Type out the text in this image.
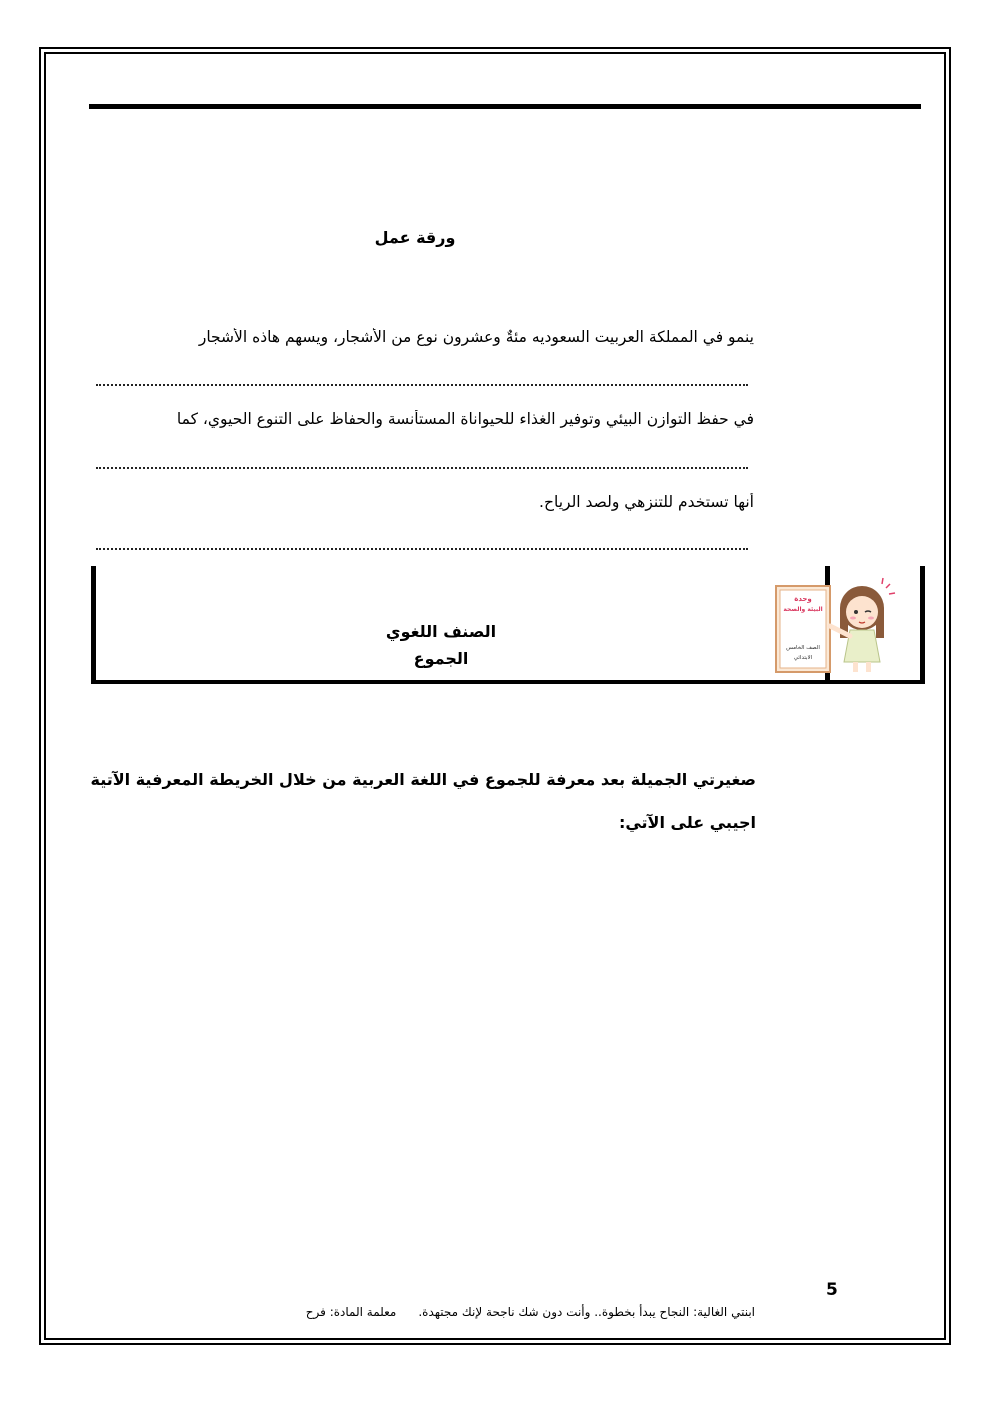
ورقة عمل
ينمو في المملكة العربيت السعوديه مئةٌ وعشرون نوعٍ من الأشجار، ويسهم هاذه الأشجار
في حفظ التوازن البيئي وتوفير الغذاء للحيواناة المستأنسة والحفاظ على التنوع الحيوي، كما
أنها تستخدم للتنزهي ولصد الرياح.
الصنف اللغوي
الجموع
وحدة
البيئة والصحة
الصف الخامس
الابتدائي
صغيرتي الجميلة بعد معرفة للجموع في اللغة العربية من خلال الخريطة المعرفية الآتية
اجيبي على الآتي:
5
ابنتي الغالية: النجاح يبدأ بخطوة.. وأنت دون شك ناجحة لإنك مجتهدة.معلمة المادة: فرح
